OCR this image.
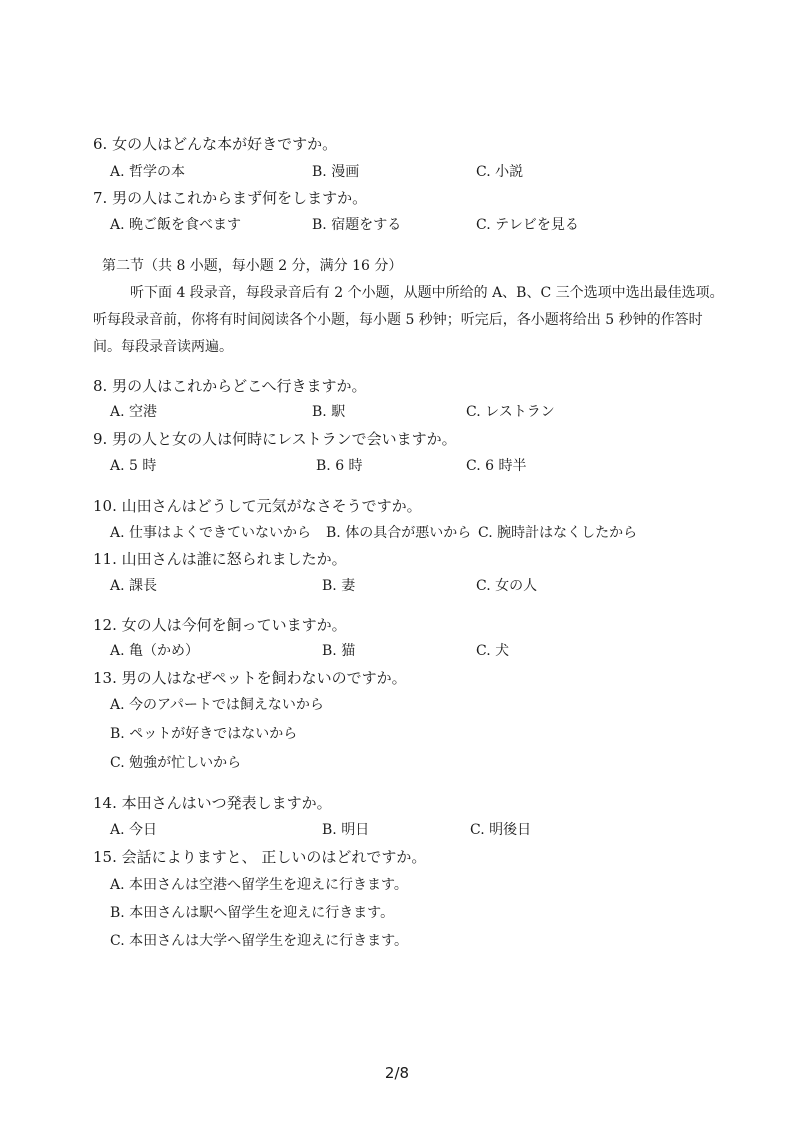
6. 女の人はどんな本が好きですか。
A. 哲学の本	B. 漫画	C. 小説
7. 男の人はこれからまず何をしますか。
A. 晩ご飯を食べます	B. 宿題をする	C. テレビを見る
第二节（共 8 小题，每小题 2 分，满分 16 分）
听下面 4 段录音，每段录音后有 2 个小题，从题中所给的 A、B、C 三个选项中选出最佳选项。
听每段录音前，你将有时间阅读各个小题，每小题 5 秒钟；听完后，各小题将给出 5 秒钟的作答时
间。每段录音读两遍。
8. 男の人はこれからどこへ行きますか。
A. 空港	B. 駅	C. レストラン
9. 男の人と女の人は何時にレストランで会いますか。
A. 5 時	B. 6 時	C. 6 時半
10. 山田さんはどうして元気がなさそうですか。
A. 仕事はよくできていないから B. 体の具合が悪いから C. 腕時計はなくしたから
11. 山田さんは誰に怒られましたか。
A. 課長	B. 妻	C. 女の人
12. 女の人は今何を飼っていますか。
A. 亀（かめ）	B. 猫	C. 犬
13. 男の人はなぜペットを飼わないのですか。
A. 今のアパートでは飼えないから
B. ペットが好きではないから
C. 勉強が忙しいから
14. 本田さんはいつ発表しますか。
A. 今日	B. 明日	C. 明後日
15. 会話によりますと、 正しいのはどれですか。
A. 本田さんは空港へ留学生を迎えに行きます。
B. 本田さんは駅へ留学生を迎えに行きます。
C. 本田さんは大学へ留学生を迎えに行きます。
2/8
